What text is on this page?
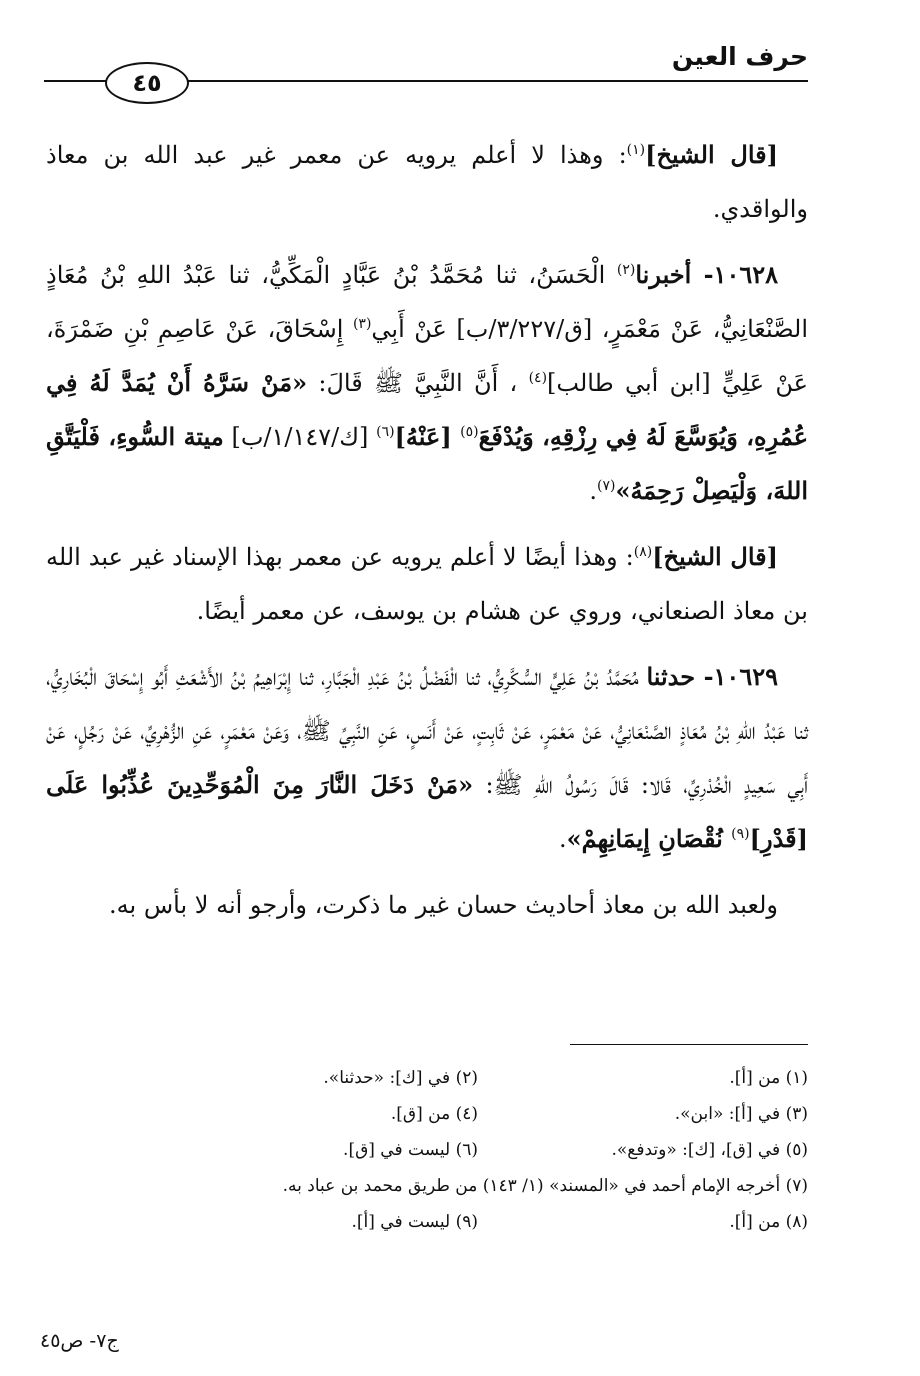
حرف العين
٤٥

[قال الشيخ]$^{(١)}$: وهذا لا أعلم يرويه عن معمر غير عبد الله بن معاذ والواقدي.

١٠٦٢٨- أخبرنا$^{(٢)}$ الْحَسَنُ، ثنا مُحَمَّدُ بْنُ عَبَّادٍ الْمَكِّيُّ، ثنا عَبْدُ اللهِ بْنُ مُعَاذٍ الصَّنْعَانِيُّ، عَنْ مَعْمَرٍ، [ق/٣/٢٢٧/ب] عَنْ أَبِي$^{(٣)}$ إِسْحَاقَ، عَنْ عَاصِمِ بْنِ ضَمْرَةَ، عَنْ عَلِيٍّ [ابن أبي طالب]$^{(٤)}$ ، أَنَّ النَّبِيَّ ﷺ قَالَ: «مَنْ سَرَّهُ أَنْ يُمَدَّ لَهُ فِي عُمُرِهِ، وَيُوَسَّعَ لَهُ فِي رِزْقِهِ، وَيُدْفَعَ$^{(٥)}$ [عَنْهُ]$^{(٦)}$ [ك/١/١٤٧/ب] ميتة السُّوءِ، فَلْيَتَّقِ اللهَ، وَلْيَصِلْ رَحِمَهُ»$^{(٧)}$.

[قال الشيخ]$^{(٨)}$: وهذا أيضًا لا أعلم يرويه عن معمر بهذا الإسناد غير عبد الله بن معاذ الصنعاني، وروي عن هشام بن يوسف، عن معمر أيضًا.

١٠٦٢٩- حدثنا مُحَمَّدُ بْنُ عَلِيٍّ السُّكَّرِيُّ، ثنا الْفَضْلُ بْنُ عَبْدِ الْجَبَّارِ، ثنا إِبْرَاهِيمُ بْنُ الأَشْعَثِ أَبُو إِسْحَاقَ الْبُخَارِيُّ، ثنا عَبْدُ اللهِ بْنُ مُعَاذٍ الصَّنْعَانِيُّ، عَنْ مَعْمَرٍ، عَنْ ثَابِتٍ، عَنْ أَنَسٍ، عَنِ النَّبِيِّ ﷺ، وَعَنْ مَعْمَرٍ، عَنِ الزُّهْرِيِّ، عَنْ رَجُلٍ، عَنْ أَبِي سَعِيدٍ الْخُدْرِيِّ، قَالا: قَالَ رَسُولُ اللهِ ﷺ: «مَنْ دَخَلَ النَّارَ مِنَ الْمُوَحِّدِينَ عُذِّبُوا عَلَى [قَدْرِ]$^{(٩)}$ نُقْصَانِ إِيمَانِهِمْ».

ولعبد الله بن معاذ أحاديث حسان غير ما ذكرت، وأرجو أنه لا بأس به.

(١) من [أ].
(٢) في [ك]: «حدثنا».
(٣) في [أ]: «ابن».
(٤) من [ق].
(٥) في [ق]، [ك]: «وتدفع».
(٦) ليست في [ق].
(٧) أخرجه الإمام أحمد في «المسند» (١/ ١٤٣) من طريق محمد بن عباد به.
(٨) من [أ].
(٩) ليست في [أ].
ج٧- ص٤٥
